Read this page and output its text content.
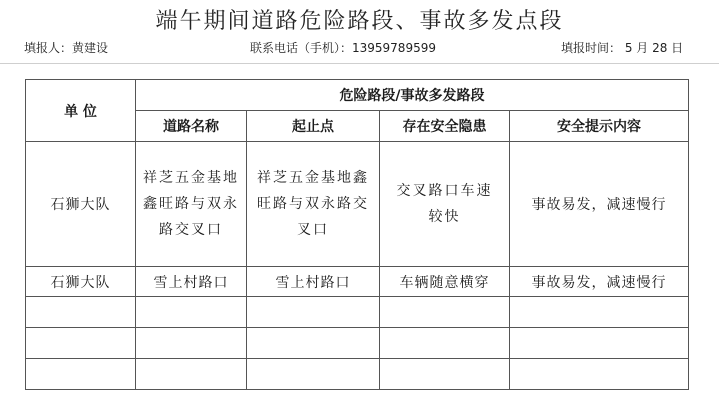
端午期间道路危险路段、事故多发点段
填报人：黄建设	联系电话（手机）：13959789599	填报时间： 5 月 28 日
单 位	危险路段/事故多发路段			
	道路名称	起止点	存在安全隐患	安全提示内容
石狮大队	祥芝五金基地鑫旺路与双永路交叉口	祥芝五金基地鑫旺路与双永路交叉口	交叉路口车速较快	事故易发，减速慢行
石狮大队	雪上村路口	雪上村路口	车辆随意横穿	事故易发，减速慢行
